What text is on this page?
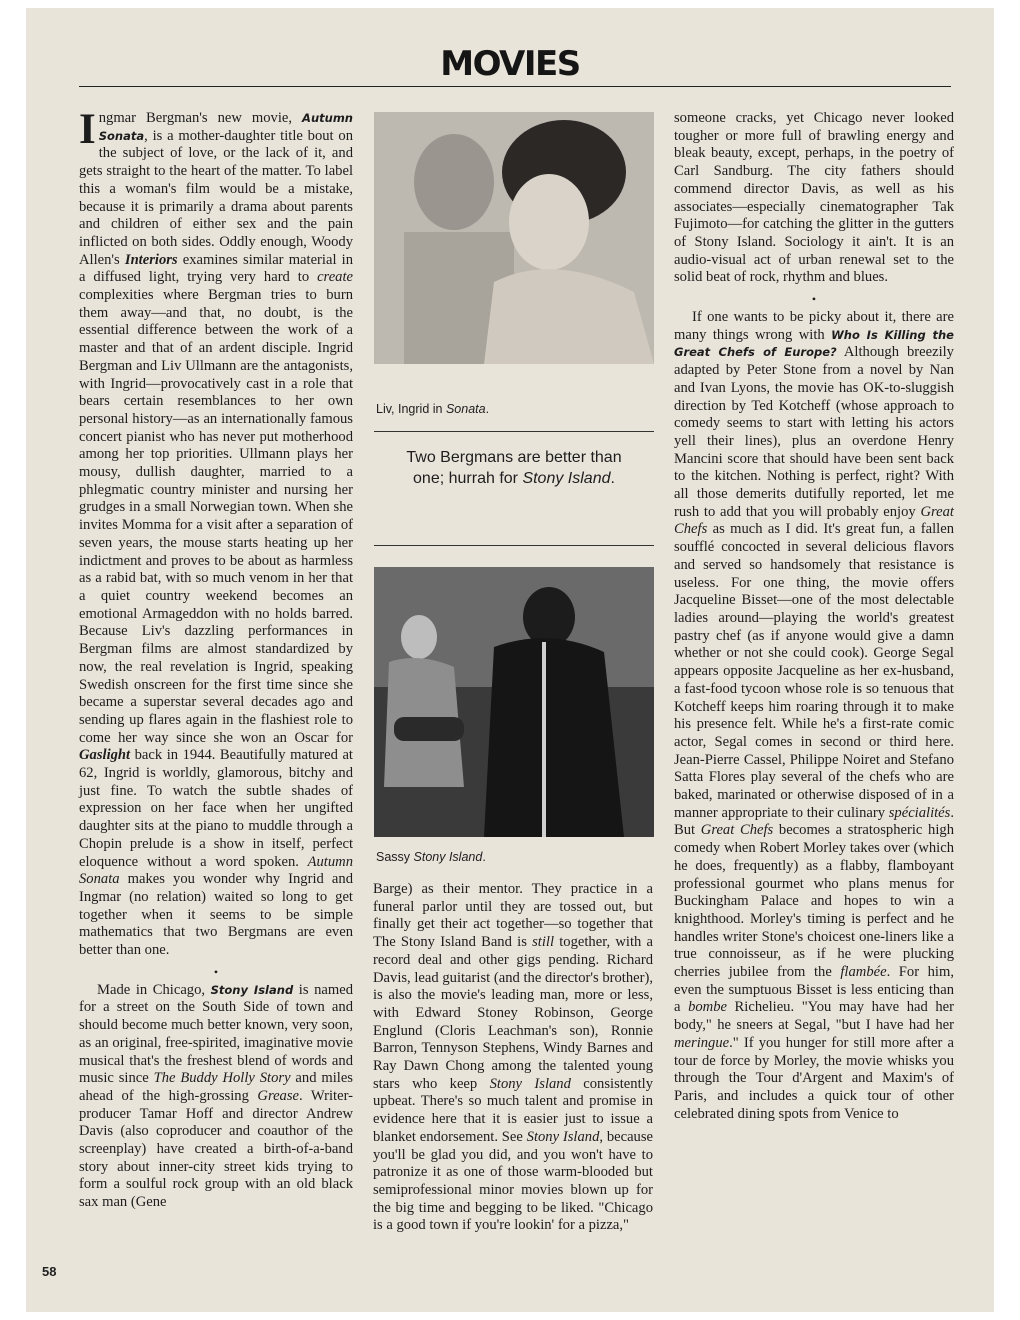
MOVIES

Ingmar Bergman's new movie, Autumn Sonata, is a mother-daughter title bout on the subject of love, or the lack of it, and gets straight to the heart of the matter. To label this a woman's film would be a mistake, because it is primarily a drama about parents and children of either sex and the pain inflicted on both sides. Oddly enough, Woody Allen's Interiors examines similar material in a diffused light, trying very hard to create complexities where Bergman tries to burn them away—and that, no doubt, is the essential difference between the work of a master and that of an ardent disciple. Ingrid Bergman and Liv Ullmann are the antagonists, with Ingrid—provocatively cast in a role that bears certain resemblances to her own personal history—as an internationally famous concert pianist who has never put motherhood among her top priorities. Ullmann plays her mousy, dullish daughter, married to a phlegmatic country minister and nursing her grudges in a small Norwegian town. When she invites Momma for a visit after a separation of seven years, the mouse starts heating up her indictment and proves to be about as harmless as a rabid bat, with so much venom in her that a quiet country weekend becomes an emotional Armageddon with no holds barred. Because Liv's dazzling performances in Bergman films are almost standardized by now, the real revelation is Ingrid, speaking Swedish onscreen for the first time since she became a superstar several decades ago and sending up flares again in the flashiest role to come her way since she won an Oscar for Gaslight back in 1944. Beautifully matured at 62, Ingrid is worldly, glamorous, bitchy and just fine. To watch the subtle shades of expression on her face when her ungifted daughter sits at the piano to muddle through a Chopin prelude is a show in itself, perfect eloquence without a word spoken. Autumn Sonata makes you wonder why Ingrid and Ingmar (no relation) waited so long to get together when it seems to be simple mathematics that two Bergmans are even better than one.

•

Made in Chicago, Stony Island is named for a street on the South Side of town and should become much better known, very soon, as an original, free-spirited, imaginative movie musical that's the freshest blend of words and music since The Buddy Holly Story and miles ahead of the high-grossing Grease. Writer-producer Tamar Hoff and director Andrew Davis (also coproducer and coauthor of the screenplay) have created a birth-of-a-band story about inner-city street kids trying to form a soulful rock group with an old black sax man (Gene

Liv, Ingrid in Sonata.
Two Bergmans are better than one; hurrah for Stony Island.
Sassy Stony Island.

Barge) as their mentor. They practice in a funeral parlor until they are tossed out, but finally get their act together—so together that The Stony Island Band is still together, with a record deal and other gigs pending. Richard Davis, lead guitarist (and the director's brother), is also the movie's leading man, more or less, with Edward Stoney Robinson, George Englund (Cloris Leachman's son), Ronnie Barron, Tennyson Stephens, Windy Barnes and Ray Dawn Chong among the talented young stars who keep Stony Island consistently upbeat. There's so much talent and promise in evidence here that it is easier just to issue a blanket endorsement. See Stony Island, because you'll be glad you did, and you won't have to patronize it as one of those warm-blooded but semiprofessional minor movies blown up for the big time and begging to be liked. "Chicago is a good town if you're lookin' for a pizza,"

someone cracks, yet Chicago never looked tougher or more full of brawling energy and bleak beauty, except, perhaps, in the poetry of Carl Sandburg. The city fathers should commend director Davis, as well as his associates—especially cinematographer Tak Fujimoto—for catching the glitter in the gutters of Stony Island. Sociology it ain't. It is an audio-visual act of urban renewal set to the solid beat of rock, rhythm and blues.

•

If one wants to be picky about it, there are many things wrong with Who Is Killing the Great Chefs of Europe? Although breezily adapted by Peter Stone from a novel by Nan and Ivan Lyons, the movie has OK-to-sluggish direction by Ted Kotcheff (whose approach to comedy seems to start with letting his actors yell their lines), plus an overdone Henry Mancini score that should have been sent back to the kitchen. Nothing is perfect, right? With all those demerits dutifully reported, let me rush to add that you will probably enjoy Great Chefs as much as I did. It's great fun, a fallen soufflé concocted in several delicious flavors and served so handsomely that resistance is useless. For one thing, the movie offers Jacqueline Bisset—one of the most delectable ladies around—playing the world's greatest pastry chef (as if anyone would give a damn whether or not she could cook). George Segal appears opposite Jacqueline as her ex-husband, a fast-food tycoon whose role is so tenuous that Kotcheff keeps him roaring through it to make his presence felt. While he's a first-rate comic actor, Segal comes in second or third here. Jean-Pierre Cassel, Philippe Noiret and Stefano Satta Flores play several of the chefs who are baked, marinated or otherwise disposed of in a manner appropriate to their culinary spécialités. But Great Chefs becomes a stratospheric high comedy when Robert Morley takes over (which he does, frequently) as a flabby, flamboyant professional gourmet who plans menus for Buckingham Palace and hopes to win a knighthood. Morley's timing is perfect and he handles writer Stone's choicest one-liners like a true connoisseur, as if he were plucking cherries jubilee from the flambée. For him, even the sumptuous Bisset is less enticing than a bombe Richelieu. "You may have had her body," he sneers at Segal, "but I have had her meringue." If you hunger for still more after a tour de force by Morley, the movie whisks you through the Tour d'Argent and Maxim's of Paris, and includes a quick tour of other celebrated dining spots from Venice to

58
